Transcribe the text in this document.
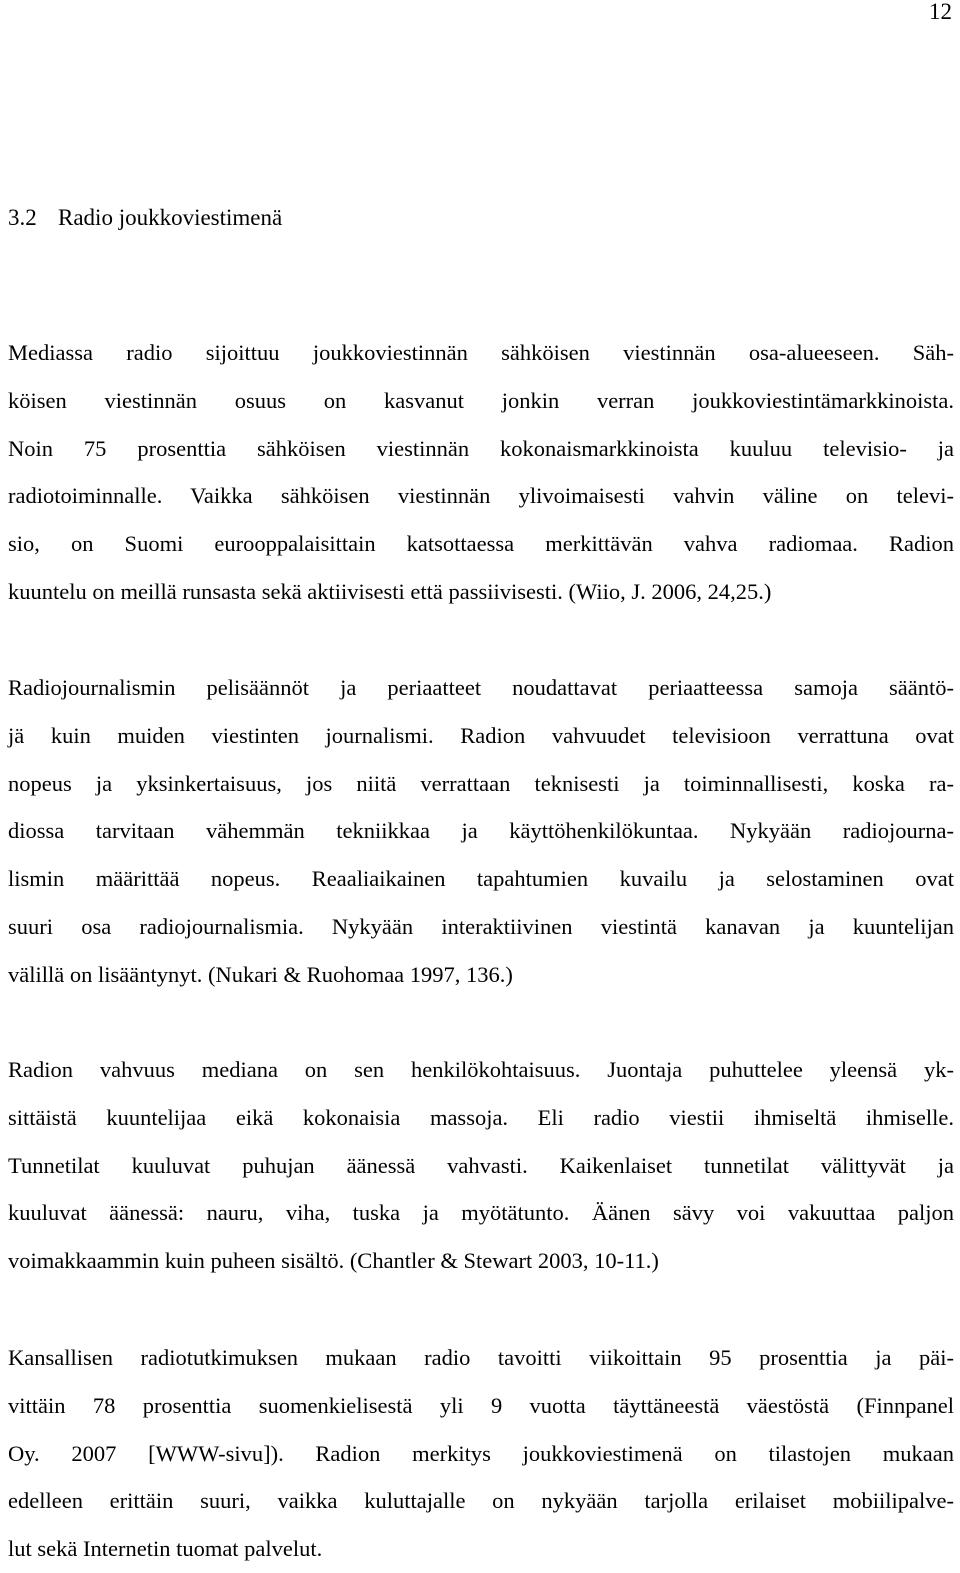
12
3.2 Radio joukkoviestimenä

Mediassa radio sijoittuu joukkoviestinnän sähköisen viestinnän osa-alueeseen. Säh-
köisen viestinnän osuus on kasvanut jonkin verran joukkoviestintämarkkinoista.
Noin 75 prosenttia sähköisen viestinnän kokonaismarkkinoista kuuluu televisio- ja
radiotoiminnalle. Vaikka sähköisen viestinnän ylivoimaisesti vahvin väline on televi-
sio, on Suomi eurooppalaisittain katsottaessa merkittävän vahva radiomaa. Radion
kuuntelu on meillä runsasta sekä aktiivisesti että passiivisesti. (Wiio, J. 2006, 24,25.)

Radiojournalismin pelisäännöt ja periaatteet noudattavat periaatteessa samoja sääntö-
jä kuin muiden viestinten journalismi. Radion vahvuudet televisioon verrattuna ovat
nopeus ja yksinkertaisuus, jos niitä verrattaan teknisesti ja toiminnallisesti, koska ra-
diossa tarvitaan vähemmän tekniikkaa ja käyttöhenkilökuntaa. Nykyään radiojourna-
lismin määrittää nopeus. Reaaliaikainen tapahtumien kuvailu ja selostaminen ovat
suuri osa radiojournalismia. Nykyään interaktiivinen viestintä kanavan ja kuuntelijan
välillä on lisääntynyt. (Nukari & Ruohomaa 1997, 136.)

Radion vahvuus mediana on sen henkilökohtaisuus. Juontaja puhuttelee yleensä yk-
sittäistä kuuntelijaa eikä kokonaisia massoja. Eli radio viestii ihmiseltä ihmiselle.
Tunnetilat kuuluvat puhujan äänessä vahvasti. Kaikenlaiset tunnetilat välittyvät ja
kuuluvat äänessä: nauru, viha, tuska ja myötätunto. Äänen sävy voi vakuuttaa paljon
voimakkaammin kuin puheen sisältö. (Chantler & Stewart 2003, 10-11.)

Kansallisen radiotutkimuksen mukaan radio tavoitti viikoittain 95 prosenttia ja päi-
vittäin 78 prosenttia suomenkielisestä yli 9 vuotta täyttäneestä väestöstä (Finnpanel
Oy. 2007 [WWW-sivu]). Radion merkitys joukkoviestimenä on tilastojen mukaan
edelleen erittäin suuri, vaikka kuluttajalle on nykyään tarjolla erilaiset mobiilipalve-
lut sekä Internetin tuomat palvelut.
